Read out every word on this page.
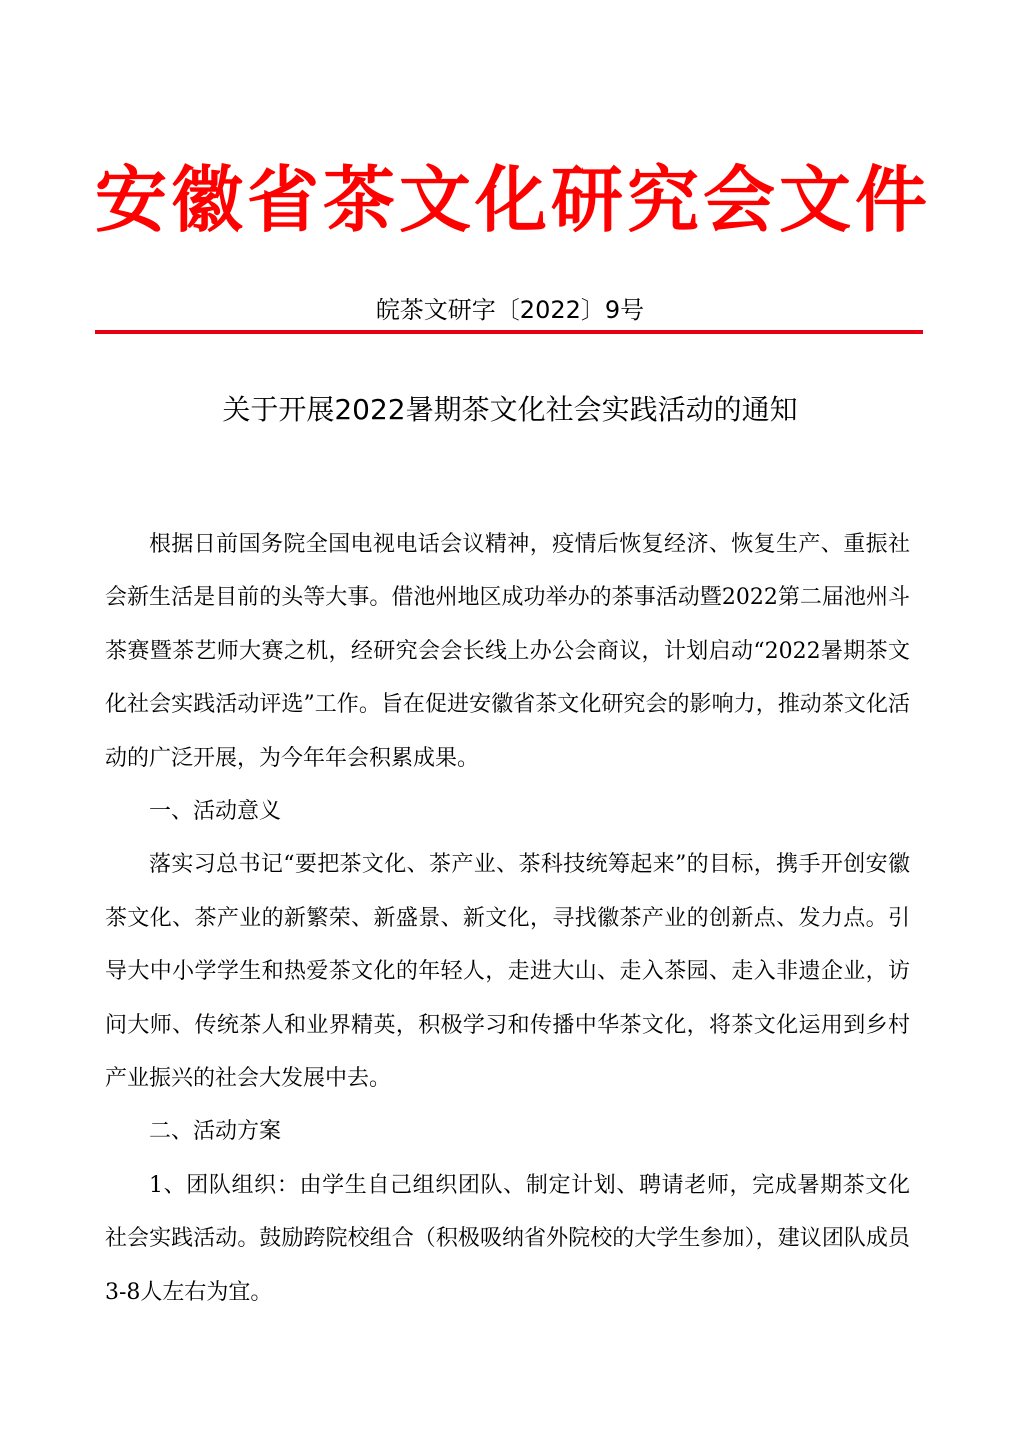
安徽省茶文化研究会文件
皖茶文研字〔2022〕9号
关于开展2022暑期茶文化社会实践活动的通知

根据日前国务院全国电视电话会议精神，疫情后恢复经济、恢复生产、重振社会新生活是目前的头等大事。借池州地区成功举办的茶事活动暨2022第二届池州斗茶赛暨茶艺师大赛之机，经研究会会长线上办公会商议，计划启动“2022暑期茶文化社会实践活动评选”工作。旨在促进安徽省茶文化研究会的影响力，推动茶文化活动的广泛开展，为今年年会积累成果。

一、活动意义

落实习总书记“要把茶文化、茶产业、茶科技统筹起来”的目标，携手开创安徽茶文化、茶产业的新繁荣、新盛景、新文化，寻找徽茶产业的创新点、发力点。引导大中小学学生和热爱茶文化的年轻人，走进大山、走入茶园、走入非遗企业，访问大师、传统茶人和业界精英，积极学习和传播中华茶文化，将茶文化运用到乡村产业振兴的社会大发展中去。

二、活动方案

1、团队组织：由学生自己组织团队、制定计划、聘请老师，完成暑期茶文化社会实践活动。鼓励跨院校组合（积极吸纳省外院校的大学生参加），建议团队成员3-8人左右为宜。
